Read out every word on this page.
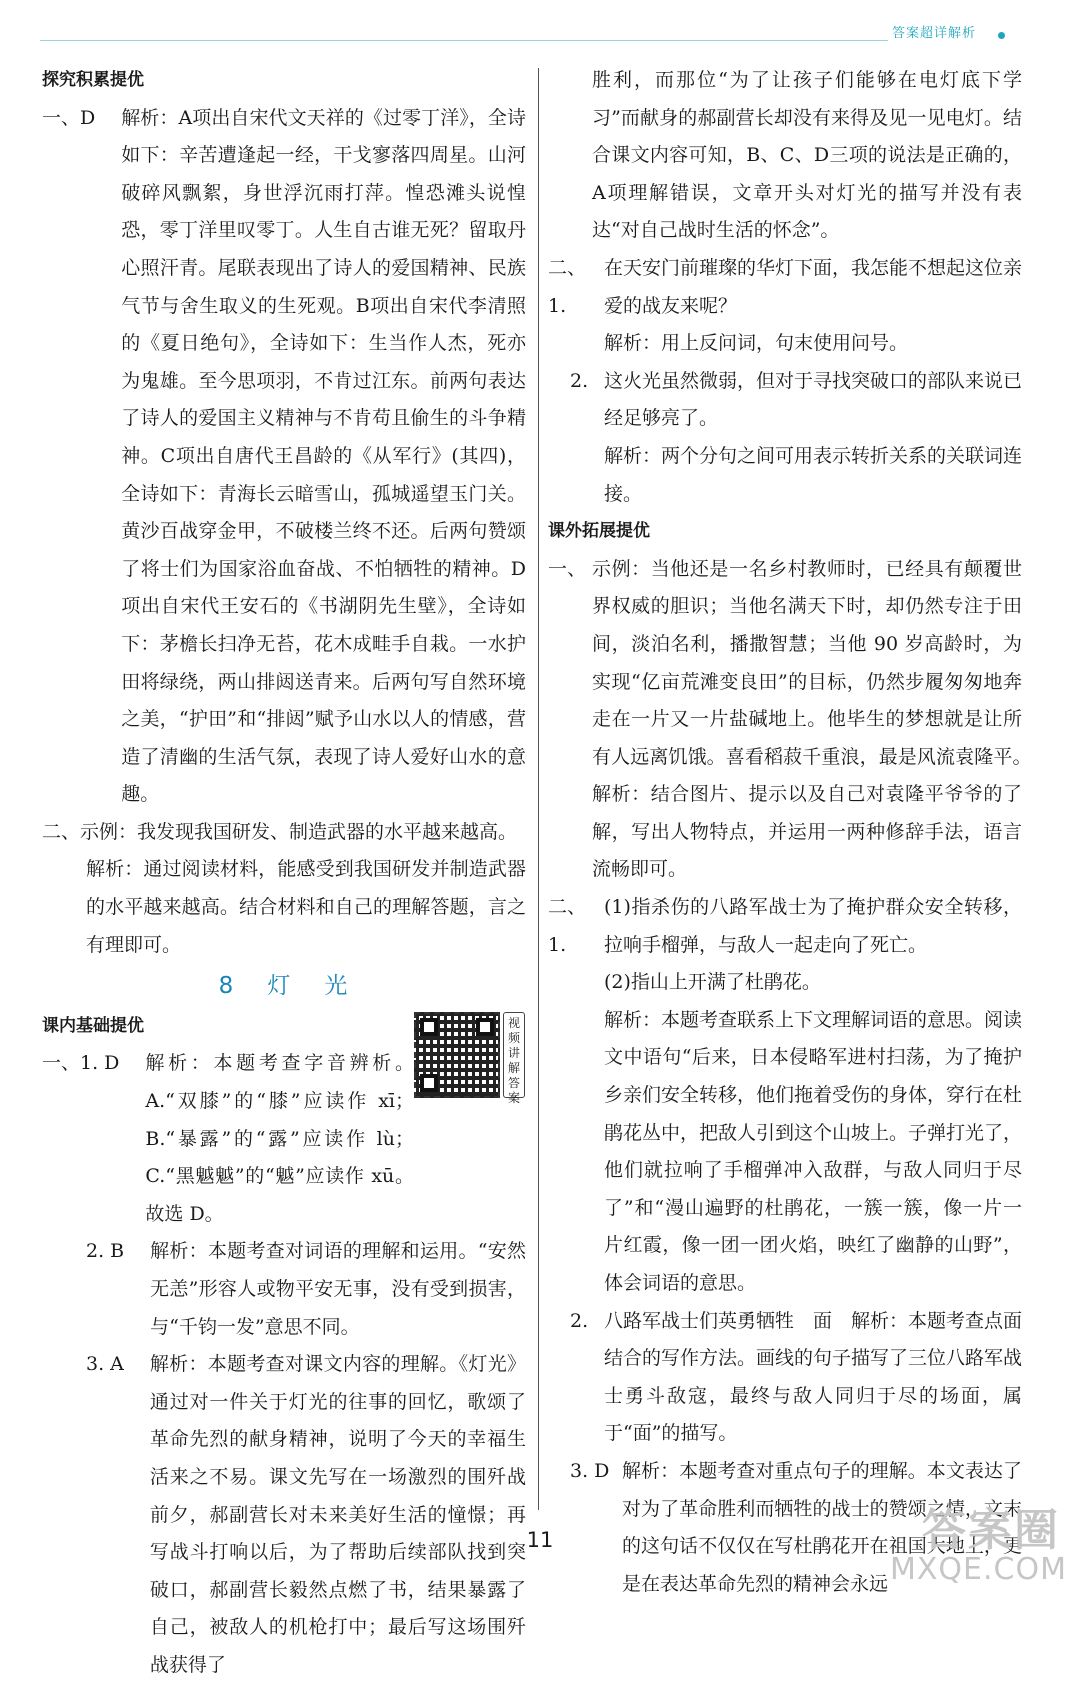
答案超详解析
探究积累提优
一、D	解析：A项出自宋代文天祥的《过零丁洋》，全诗如下：辛苦遭逢起一经，干戈寥落四周星。山河破碎风飘絮，身世浮沉雨打萍。惶恐滩头说惶恐，零丁洋里叹零丁。人生自古谁无死？留取丹心照汗青。尾联表现出了诗人的爱国精神、民族气节与舍生取义的生死观。B项出自宋代李清照的《夏日绝句》，全诗如下：生当作人杰，死亦为鬼雄。至今思项羽，不肯过江东。前两句表达了诗人的爱国主义精神与不肯苟且偷生的斗争精神。C项出自唐代王昌龄的《从军行》(其四)，全诗如下：青海长云暗雪山，孤城遥望玉门关。黄沙百战穿金甲，不破楼兰终不还。后两句赞颂了将士们为国家浴血奋战、不怕牺牲的精神。D项出自宋代王安石的《书湖阴先生壁》，全诗如下：茅檐长扫净无苔，花木成畦手自栽。一水护田将绿绕，两山排闼送青来。后两句写自然环境之美，“护田”和“排闼”赋予山水以人的情感，营造了清幽的生活气氛，表现了诗人爱好山水的意趣。
二、 示例：我发现我国研发、制造武器的水平越来越高。
解析：通过阅读材料，能感受到我国研发并制造武器的水平越来越高。结合材料和自己的理解答题，言之有理即可。
8 灯 光
课内基础提优
一、1. D	解析：本题考查字音辨析。A.“双膝”的“膝”应读作 xī；B.“暴露”的“露”应读作 lù；C.“黑魆魆”的“魆”应读作 xū。故选 D。
视频讲解答案
2. B	解析：本题考查对词语的理解和运用。“安然无恙”形容人或物平安无事，没有受到损害，与“千钧一发”意思不同。
3. A	解析：本题考查对课文内容的理解。《灯光》通过对一件关于灯光的往事的回忆，歌颂了革命先烈的献身精神，说明了今天的幸福生活来之不易。课文先写在一场激烈的围歼战前夕，郝副营长对未来美好生活的憧憬；再写战斗打响以后，为了帮助后续部队找到突破口，郝副营长毅然点燃了书，结果暴露了自己，被敌人的机枪打中；最后写这场围歼战获得了
胜利，而那位“为了让孩子们能够在电灯底下学习”而献身的郝副营长却没有来得及见一见电灯。结合课文内容可知，B、C、D三项的说法是正确的，A项理解错误，文章开头对灯光的描写并没有表达“对自己战时生活的怀念”。
二、1.
在天安门前璀璨的华灯下面，我怎能不想起这位亲爱的战友来呢？
解析：用上反问词，句末使用问号。
2. 这火光虽然微弱，但对于寻找突破口的部队来说已经足够亮了。
解析：两个分句之间可用表示转折关系的关联词连接。
课外拓展提优
一、 示例：当他还是一名乡村教师时，已经具有颠覆世界权威的胆识；当他名满天下时，却仍然专注于田间，淡泊名利，播撒智慧；当他 90 岁高龄时，为实现“亿亩荒滩变良田”的目标，仍然步履匆匆地奔走在一片又一片盐碱地上。他毕生的梦想就是让所有人远离饥饿。喜看稻菽千重浪，最是风流袁隆平。　解析：结合图片、提示以及自己对袁隆平爷爷的了解，写出人物特点，并运用一两种修辞手法，语言流畅即可。
二、1.
(1)指杀伤的八路军战士为了掩护群众安全转移，拉响手榴弹，与敌人一起走向了死亡。
(2)指山上开满了杜鹃花。
解析：本题考查联系上下文理解词语的意思。阅读文中语句“后来，日本侵略军进村扫荡，为了掩护乡亲们安全转移，他们拖着受伤的身体，穿行在杜鹃花丛中，把敌人引到这个山坡上。子弹打光了，他们就拉响了手榴弹冲入敌群，与敌人同归于尽了”和“漫山遍野的杜鹃花，一簇一簇，像一片一片红霞，像一团一团火焰，映红了幽静的山野”，体会词语的意思。
2. 八路军战士们英勇牺牲　面　解析：本题考查点面结合的写作方法。画线的句子描写了三位八路军战士勇斗敌寇，最终与敌人同归于尽的场面，属于“面”的描写。
3. D 解析：本题考查对重点句子的理解。本文表达了对为了革命胜利而牺牲的战士的赞颂之情，文末的这句话不仅仅在写杜鹃花开在祖国大地上，更是在表达革命先烈的精神会永远
11	答案圈
MXQE.COM
